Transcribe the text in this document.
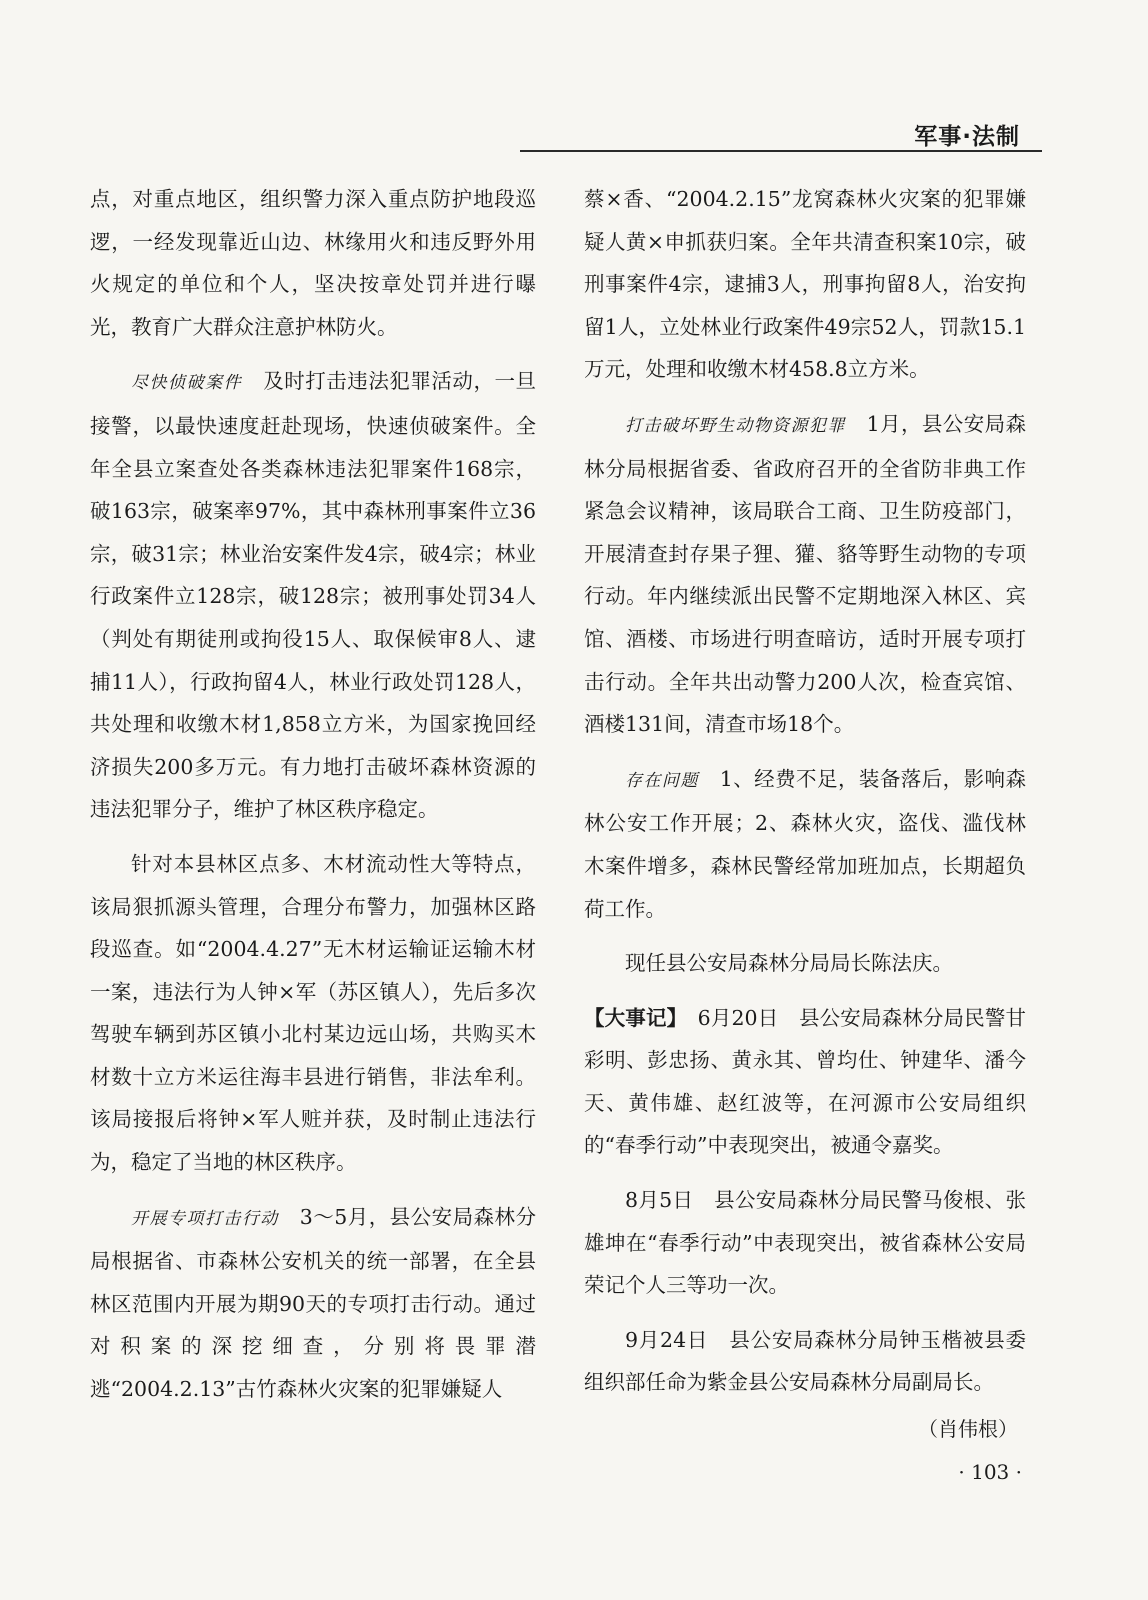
军事·法制

点，对重点地区，组织警力深入重点防护地段巡逻，一经发现靠近山边、林缘用火和违反野外用火规定的单位和个人，坚决按章处罚并进行曝光，教育广大群众注意护林防火。

尽快侦破案件　及时打击违法犯罪活动，一旦接警，以最快速度赶赴现场，快速侦破案件。全年全县立案查处各类森林违法犯罪案件168宗，破163宗，破案率97%，其中森林刑事案件立36宗，破31宗；林业治安案件发4宗，破4宗；林业行政案件立128宗，破128宗；被刑事处罚34人（判处有期徒刑或拘役15人、取保候审8人、逮捕11人），行政拘留4人，林业行政处罚128人，共处理和收缴木材1,858立方米，为国家挽回经济损失200多万元。有力地打击破坏森林资源的违法犯罪分子，维护了林区秩序稳定。

针对本县林区点多、木材流动性大等特点，该局狠抓源头管理，合理分布警力，加强林区路段巡查。如“2004.4.27”无木材运输证运输木材一案，违法行为人钟×军（苏区镇人），先后多次驾驶车辆到苏区镇小北村某边远山场，共购买木材数十立方米运往海丰县进行销售，非法牟利。该局接报后将钟×军人赃并获，及时制止违法行为，稳定了当地的林区秩序。

开展专项打击行动　3～5月，县公安局森林分局根据省、市森林公安机关的统一部署，在全县林区范围内开展为期90天的专项打击行动。通过对积案的深挖细查，分别将畏罪潜逃“2004.2.13”古竹森林火灾案的犯罪嫌疑人

蔡×香、“2004.2.15”龙窝森林火灾案的犯罪嫌疑人黄×申抓获归案。全年共清查积案10宗，破刑事案件4宗，逮捕3人，刑事拘留8人，治安拘留1人，立处林业行政案件49宗52人，罚款15.1万元，处理和收缴木材458.8立方米。

打击破坏野生动物资源犯罪　1月，县公安局森林分局根据省委、省政府召开的全省防非典工作紧急会议精神，该局联合工商、卫生防疫部门，开展清查封存果子狸、獾、貉等野生动物的专项行动。年内继续派出民警不定期地深入林区、宾馆、酒楼、市场进行明查暗访，适时开展专项打击行动。全年共出动警力200人次，检查宾馆、酒楼131间，清查市场18个。

存在问题　1、经费不足，装备落后，影响森林公安工作开展；2、森林火灾，盗伐、滥伐林木案件增多，森林民警经常加班加点，长期超负荷工作。

现任县公安局森林分局局长陈法庆。

【大事记】　6月20日　县公安局森林分局民警甘彩明、彭忠扬、黄永其、曾均仕、钟建华、潘今天、黄伟雄、赵红波等，在河源市公安局组织的“春季行动”中表现突出，被通令嘉奖。

8月5日　县公安局森林分局民警马俊根、张雄坤在“春季行动”中表现突出，被省森林公安局荣记个人三等功一次。

9月24日　县公安局森林分局钟玉楷被县委组织部任命为紫金县公安局森林分局副局长。

（肖伟根）
· 103 ·
